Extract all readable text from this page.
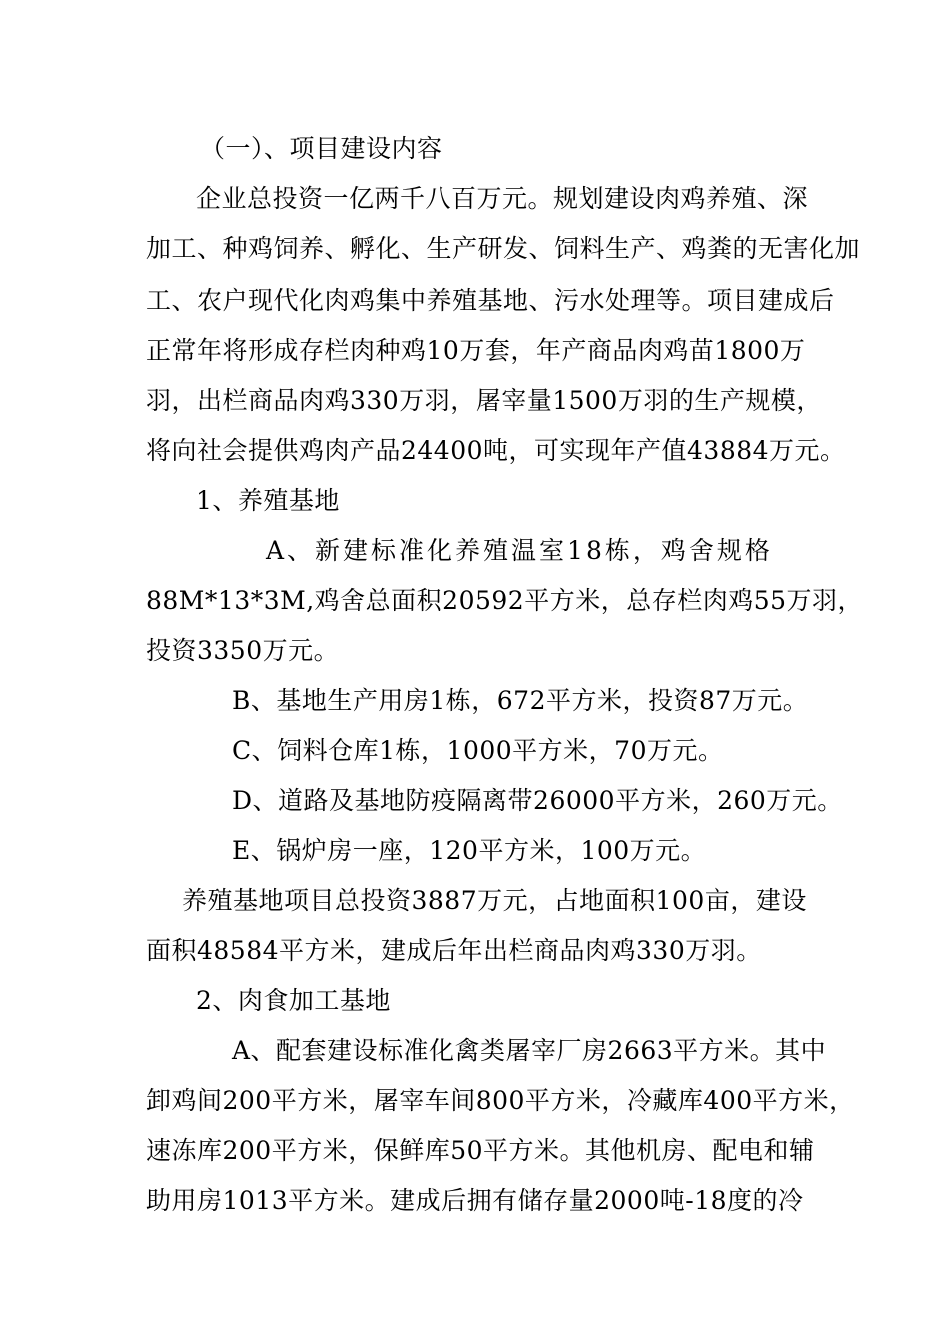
（一）、项目建设内容
企业总投资一亿两千八百万元。规划建设肉鸡养殖、深
加工、种鸡饲养、孵化、生产研发、饲料生产、鸡粪的无害化加
工、农户现代化肉鸡集中养殖基地、污水处理等。项目建成后
正常年将形成存栏肉种鸡10万套，年产商品肉鸡苗1800万
羽，出栏商品肉鸡330万羽，屠宰量1500万羽的生产规模，
将向社会提供鸡肉产品24400吨，可实现年产值43884万元。
1、养殖基地
A、新建标准化养殖温室18栋，鸡舍规格
88M*13*3M,鸡舍总面积20592平方米，总存栏肉鸡55万羽，
投资3350万元。
B、基地生产用房1栋，672平方米，投资87万元。
C、饲料仓库1栋，1000平方米，70万元。
D、道路及基地防疫隔离带26000平方米，260万元。
E、锅炉房一座，120平方米，100万元。
养殖基地项目总投资3887万元，占地面积100亩，建设
面积48584平方米，建成后年出栏商品肉鸡330万羽。
2、肉食加工基地
A、配套建设标准化禽类屠宰厂房2663平方米。其中
卸鸡间200平方米，屠宰车间800平方米，冷藏库400平方米，
速冻库200平方米，保鲜库50平方米。其他机房、配电和辅
助用房1013平方米。建成后拥有储存量2000吨-18度的冷
